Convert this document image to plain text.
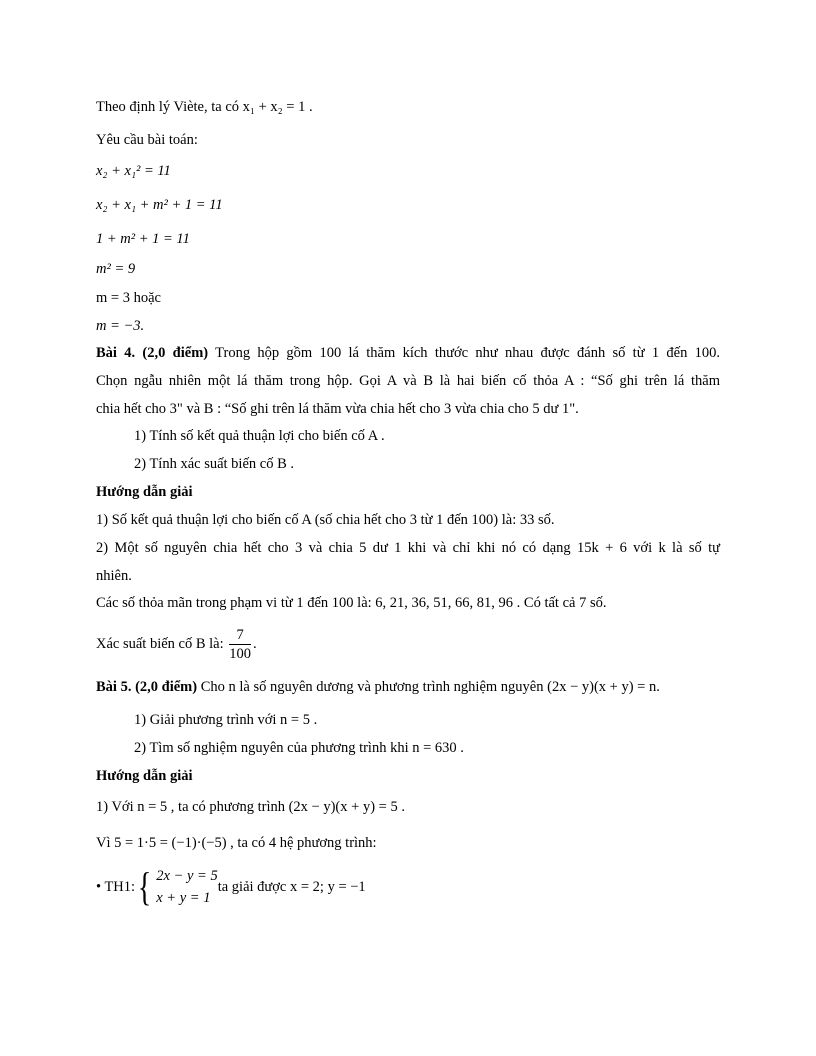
Theo định lý Viète, ta có x₁ + x₂ = 1 .
Yêu cầu bài toán:
x₂ + x₁² = 11
x₂ + x₁ + m² + 1 = 11
1 + m² + 1 = 11
m² = 9
m = 3 hoặc
m = −3.
Bài 4. (2,0 điểm) Trong hộp gồm 100 lá thăm kích thước như nhau được đánh số từ 1 đến 100.
Chọn ngẫu nhiên một lá thăm trong hộp. Gọi A và B là hai biến cố thỏa A : “Số ghi trên lá thăm
chia hết cho 3" và B : “Số ghi trên lá thăm vừa chia hết cho 3 vừa chia cho 5 dư 1".
1) Tính số kết quả thuận lợi cho biến cố A .
2) Tính xác suất biến cố B .
Hướng dẫn giải
1) Số kết quả thuận lợi cho biến cố A (số chia hết cho 3 từ 1 đến 100) là: 33 số.
2) Một số nguyên chia hết cho 3 và chia 5 dư 1 khi và chỉ khi nó có dạng 15k + 6 với k là số tự
nhiên.
Các số thỏa mãn trong phạm vi từ 1 đến 100 là: 6, 21, 36, 51, 66, 81, 96 . Có tất cả 7 số.
Xác suất biến cố B là: $\frac{7}{100}$ .
Bài 5. (2,0 điểm) Cho n là số nguyên dương và phương trình nghiệm nguyên (2x − y)(x + y) = n.
1) Giải phương trình với n = 5 .
2) Tìm số nghiệm nguyên của phương trình khi n = 630 .
Hướng dẫn giải
1) Với n = 5 , ta có phương trình (2x − y)(x + y) = 5 .
Vì 5 = 1·5 = (−1)·(−5) , ta có 4 hệ phương trình:
• TH1: { 2x − y = 5
x + y = 1
ta giải được x = 2; y = −1
